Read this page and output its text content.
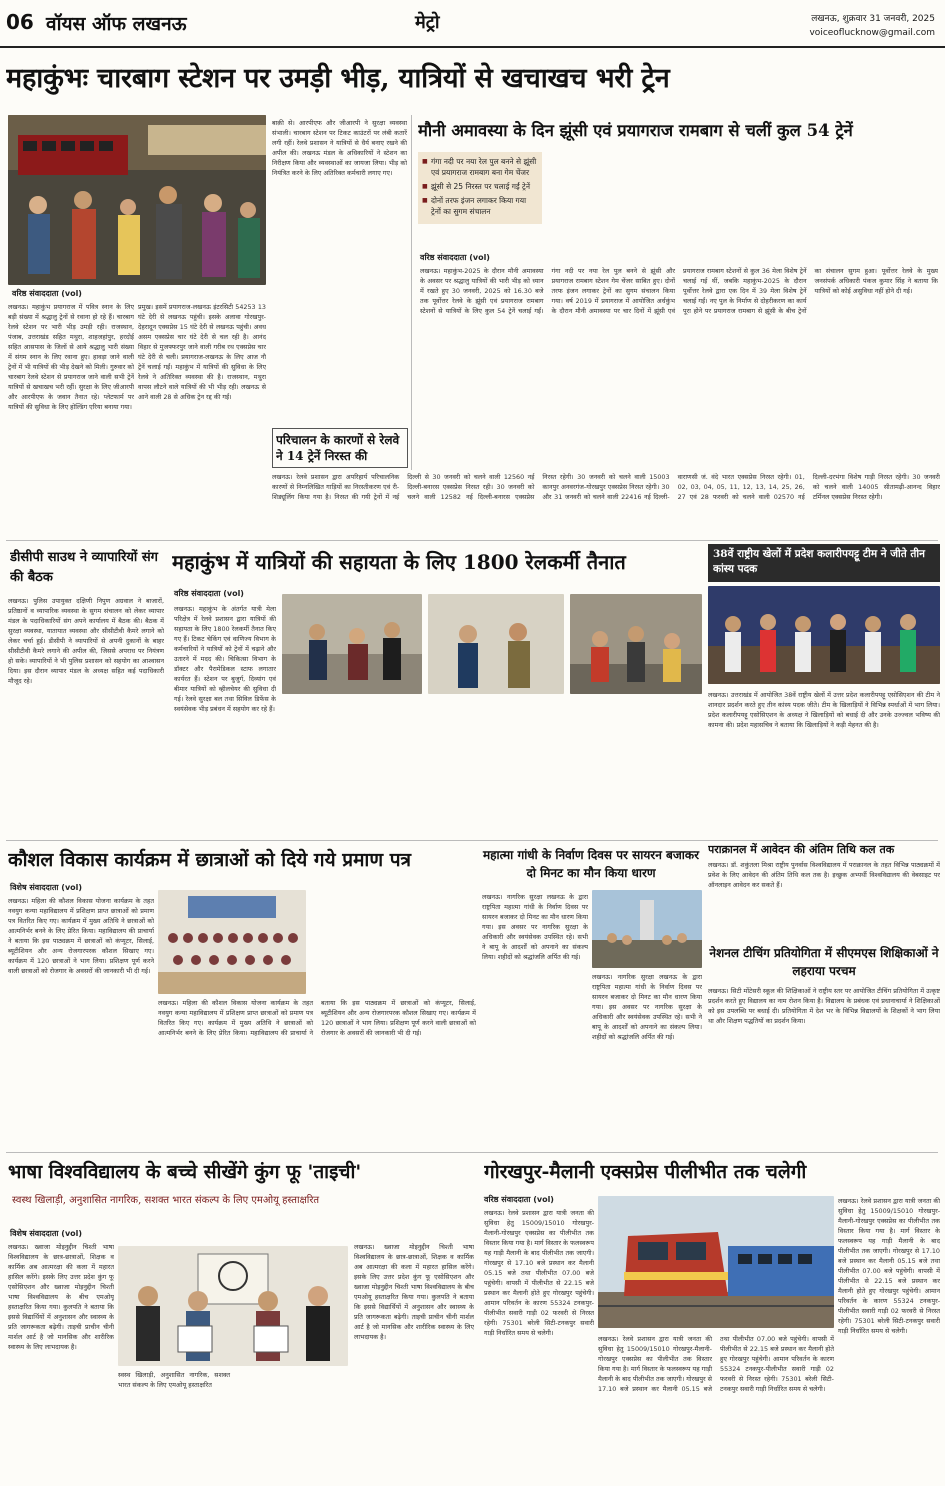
06 वॉयस ऑफ लखनऊ	मेट्रो	लखनऊ, शुक्रवार 31 जनवरी, 2025
voiceoflucknow@gmail.com
महाकुंभः चारबाग स्टेशन पर उमड़ी भीड़, यात्रियों से खचाखच भरी ट्रेन
वरिष्ठ संवाददाता (vol)
लखनऊ। महाकुंभ प्रयागराज में पवित्र स्नान के लिए बड़ी संख्या में श्रद्धालु ट्रेनों से रवाना हो रहे हैं। चारबाग रेलवे स्टेशन पर भारी भीड़ उमड़ी रही। राजस्थान, पंजाब, उत्तराखंड सहित मथुरा, शाहजहांपुर, हरदोई सहित आसपास के जिलों से आये श्रद्धालु भारी संख्या में संगम स्नान के लिए रवाना हुए। हावड़ा जाने वाली ट्रेनों में भी यात्रियों की भीड़ देखने को मिली। गुरुवार को चारबाग रेलवे स्टेशन से प्रयागराज जाने वाली सभी ट्रेनें यात्रियों से खचाखच भरी रहीं। सुरक्षा के लिए जीआरपी और आरपीएफ के जवान तैनात रहे। प्लेटफार्म पर यात्रियों की सुविधा के लिए होल्डिंग एरिया बनाया गया।
प्रमुख। इसमें प्रयागराज-लखनऊ इंटरसिटी 54253 13 घंटे देरी से लखनऊ पहुंची। इसके अलावा गोरखपुर-देहरादून एक्सप्रेस 15 घंटे देरी से लखनऊ पहुंची। अवध असम एक्सप्रेस चार घंटे देरी से चल रही है। आनंद विहार से मुजफ्फरपुर जाने वाली गरीब रथ एक्सप्रेस चार घंटे देरी से चली। प्रयागराज-लखनऊ के लिए आज नौ ट्रेनें चलाई गईं। महाकुंभ में यात्रियों की सुविधा के लिए रेलवे ने अतिरिक्त व्यवस्था की है। राजस्थान, मथुरा वापस लौटने वाले यात्रियों की भी भीड़ रही। लखनऊ से आने वाली 28 से अधिक ट्रेन रद्द की गईं।
बाक़ी से। आरपीएफ और जीआरपी ने सुरक्षा व्यवस्था संभाली। चारबाग स्टेशन पर टिकट काउंटरों पर लंबी कतारें लगी रहीं। रेलवे प्रशासन ने यात्रियों से धैर्य बनाए रखने की अपील की। लखनऊ मंडल के अधिकारियों ने स्टेशन का निरीक्षण किया और व्यवस्थाओं का जायजा लिया। भीड़ को नियंत्रित करने के लिए अतिरिक्त कर्मचारी लगाए गए।
परिचालन के कारणों से रेलवे ने 14 ट्रेनें निरस्त की
लखनऊ। रेलवे प्रशासन द्वारा अपरिहार्य परिचालनिक कारणों से निम्नलिखित गाड़ियों का निरस्तीकरण एवं री-शिड्यूलिंग किया गया है। निरस्त की गयी ट्रेनों में नई दिल्ली से 30 जनवरी को चलने वाली 12560 नई दिल्ली-बनारस एक्सप्रेस निरस्त रही। 30 जनवरी को चलने वाली 12582 नई दिल्ली-बनारस एक्सप्रेस निरस्त रहेगी। 30 जनवरी को चलने वाली 15003 कानपुर अनवरगंज-गोरखपुर एक्सप्रेस निरस्त रहेगी। 30 और 31 जनवरी को चलने वाली 22416 नई दिल्ली-वाराणसी जं. वंदे भारत एक्सप्रेस निरस्त रहेगी। 01, 02, 03, 04, 05, 11, 12, 13, 14, 25, 26, 27 एवं 28 फरवरी को चलने वाली 02570 नई दिल्ली-दरभंगा विशेष गाड़ी निरस्त रहेगी। 30 जनवरी को चलने वाली 14005 सीतामढ़ी-आनन्द विहार टर्मिनल एक्सप्रेस निरस्त रहेगी।
मौनी अमावस्या के दिन झूंसी एवं प्रयागराज रामबाग से चलीं कुल 54 ट्रेनें
■ गंगा नदी पर नया रेल पुल बनने से झूंसी एवं प्रयागराज रामबाग बना गेम चेंजर
■ झूंसी से 25 निरस्त पर चलाई गईं ट्रेनें
■ दोनों तरफ इंजन लगाकर किया गया ट्रेनों का सुगम संचालन
वरिष्ठ संवाददाता (vol)
लखनऊ। महाकुंभ-2025 के दौरान मौनी अमावस्या के अवसर पर श्रद्धालु यात्रियों की भारी भीड़ को ध्यान में रखते हुए 30 जनवरी, 2025 को 16.30 बजे तक पूर्वोत्तर रेलवे के झूंसी एवं प्रयागराज रामबाग स्टेशनों से यात्रियों के लिए कुल 54 ट्रेनें चलाई गईं। गंगा नदी पर नया रेल पुल बनने से झूंसी और प्रयागराज रामबाग स्टेशन गेम चेंजर साबित हुए। दोनों तरफ इंजन लगाकर ट्रेनों का सुगम संचालन किया गया। वर्ष 2019 में प्रयागराज में आयोजित अर्धकुंभ के दौरान मौनी अमावस्या पर चार दिनों में झूंसी एवं प्रयागराज रामबाग स्टेशनों से कुल 36 मेला विशेष ट्रेनें चलाई गई थीं, जबकि महाकुंभ-2025 के दौरान पूर्वोत्तर रेलवे द्वारा एक दिन में 39 मेला विशेष ट्रेनें चलाई गईं। नए पुल के निर्माण से दोहरीकरण का कार्य पूरा होने पर प्रयागराज रामबाग से झूंसी के बीच ट्रेनों का संचालन सुगम हुआ। पूर्वोत्तर रेलवे के मुख्य जनसंपर्क अधिकारी पंकज कुमार सिंह ने बताया कि यात्रियों को कोई असुविधा नहीं होने दी गई।
डीसीपी साउथ ने व्यापारियों संग की बैठक
लखनऊ। पुलिस उपायुक्त दक्षिणी निपुण अग्रवाल ने बाजारों, प्रतिष्ठानों व व्यापारिक व्यवस्था के सुगम संचालन को लेकर व्यापार मंडल के पदाधिकारियों संग अपने कार्यालय में बैठक की। बैठक में सुरक्षा व्यवस्था, यातायात व्यवस्था और सीसीटीवी कैमरे लगाने को लेकर चर्चा हुई। डीसीपी ने व्यापारियों से अपनी दुकानों के बाहर सीसीटीवी कैमरे लगाने की अपील की, जिससे अपराध पर नियंत्रण हो सके। व्यापारियों ने भी पुलिस प्रशासन को सहयोग का आश्वासन दिया। इस दौरान व्यापार मंडल के अध्यक्ष सहित कई पदाधिकारी मौजूद रहे।
महाकुंभ में यात्रियों की सहायता के लिए 1800 रेलकर्मी तैनात
वरिष्ठ संवाददाता (vol)
लखनऊ। महाकुंभ के अंतर्गत यात्री मेला परिक्षेत्र में रेलवे प्रशासन द्वारा यात्रियों की सहायता के लिए 1800 रेलकर्मी तैनात किए गए हैं। टिकट चेकिंग एवं वाणिज्य विभाग के कर्मचारियों ने यात्रियों को ट्रेनों में चढ़ाने और उतारने में मदद की। चिकित्सा विभाग के डॉक्टर और पैरामेडिकल स्टाफ लगातार कार्यरत हैं। स्टेशन पर बुजुर्ग, दिव्यांग एवं बीमार यात्रियों को व्हीलचेयर की सुविधा दी गई। रेलवे सुरक्षा बल तथा सिविल डिफेंस के स्वयंसेवक भीड़ प्रबंधन में सहयोग कर रहे हैं।
38वें राष्ट्रीय खेलों में प्रदेश कलारीपयट्टू टीम ने जीते तीन कांस्य पदक
लखनऊ। उत्तराखंड में आयोजित 38वें राष्ट्रीय खेलों में उत्तर प्रदेश कलारीपयट्टू एसोसिएशन की टीम ने शानदार प्रदर्शन करते हुए तीन कांस्य पदक जीते। टीम के खिलाड़ियों ने विभिन्न स्पर्धाओं में भाग लिया। प्रदेश कलारीपयट्टू एसोसिएशन के अध्यक्ष ने खिलाड़ियों को बधाई दी और उनके उज्ज्वल भविष्य की कामना की। प्रदेश महासचिव ने बताया कि खिलाड़ियों ने कड़ी मेहनत की है।
कौशल विकास कार्यक्रम में छात्राओं को दिये गये प्रमाण पत्र
विशेष संवाददाता (vol)
लखनऊ। महिला की कौशल विकास योजना कार्यक्रम के तहत नवयुग कन्या महाविद्यालय में प्रशिक्षण प्राप्त छात्राओं को प्रमाण पत्र वितरित किए गए। कार्यक्रम में मुख्य अतिथि ने छात्राओं को आत्मनिर्भर बनने के लिए प्रेरित किया। महाविद्यालय की प्राचार्या ने बताया कि इस पाठ्यक्रम में छात्राओं को कंप्यूटर, सिलाई, ब्यूटीशियन और अन्य रोजगारपरक कौशल सिखाए गए। कार्यक्रम में 120 छात्राओं ने भाग लिया। प्रशिक्षण पूर्ण करने वाली छात्राओं को रोजगार के अवसरों की जानकारी भी दी गई।
लखनऊ। महिला की कौशल विकास योजना कार्यक्रम के तहत नवयुग कन्या महाविद्यालय में प्रशिक्षण प्राप्त छात्राओं को प्रमाण पत्र वितरित किए गए। कार्यक्रम में मुख्य अतिथि ने छात्राओं को आत्मनिर्भर बनने के लिए प्रेरित किया। महाविद्यालय की प्राचार्या ने बताया कि इस पाठ्यक्रम में छात्राओं को कंप्यूटर, सिलाई, ब्यूटीशियन और अन्य रोजगारपरक कौशल सिखाए गए। कार्यक्रम में 120 छात्राओं ने भाग लिया। प्रशिक्षण पूर्ण करने वाली छात्राओं को रोजगार के अवसरों की जानकारी भी दी गई।
महात्मा गांधी के निर्वाण दिवस पर सायरन बजाकर दो मिनट का मौन किया धारण
लखनऊ। नागरिक सुरक्षा लखनऊ के द्वारा राष्ट्रपिता महात्मा गांधी के निर्वाण दिवस पर सायरन बजाकर दो मिनट का मौन धारण किया गया। इस अवसर पर नागरिक सुरक्षा के अधिकारी और स्वयंसेवक उपस्थित रहे। सभी ने बापू के आदर्शों को अपनाने का संकल्प लिया। शहीदों को श्रद्धांजलि अर्पित की गई।
लखनऊ। नागरिक सुरक्षा लखनऊ के द्वारा राष्ट्रपिता महात्मा गांधी के निर्वाण दिवस पर सायरन बजाकर दो मिनट का मौन धारण किया गया। इस अवसर पर नागरिक सुरक्षा के अधिकारी और स्वयंसेवक उपस्थित रहे। सभी ने बापू के आदर्शों को अपनाने का संकल्प लिया। शहीदों को श्रद्धांजलि अर्पित की गई।
पराक्रानल में आवेदन की अंतिम तिथि कल तक
लखनऊ। डॉ. शकुंतला मिश्रा राष्ट्रीय पुनर्वास विश्वविद्यालय में पराक्रानल के तहत विभिन्न पाठ्यक्रमों में प्रवेश के लिए आवेदन की अंतिम तिथि कल तक है। इच्छुक अभ्यर्थी विश्वविद्यालय की वेबसाइट पर ऑनलाइन आवेदन कर सकते हैं।
नेशनल टीचिंग प्रतियोगिता में सीएमएस शिक्षिकाओं ने लहराया परचम
लखनऊ। सिटी मोंटेसरी स्कूल की शिक्षिकाओं ने राष्ट्रीय स्तर पर आयोजित टीचिंग प्रतियोगिता में उत्कृष्ट प्रदर्शन करते हुए विद्यालय का नाम रोशन किया है। विद्यालय के प्रबंधक एवं प्रधानाचार्या ने शिक्षिकाओं को इस उपलब्धि पर बधाई दी। प्रतियोगिता में देश भर के विभिन्न विद्यालयों के शिक्षकों ने भाग लिया था और शिक्षण पद्धतियों का प्रदर्शन किया।
भाषा विश्वविद्यालय के बच्चे सीखेंगे कुंग फू 'ताइची'
स्वस्थ खिलाड़ी, अनुशासित नागरिक, सशक्त भारत संकल्प के लिए एमओयू हस्ताक्षरित
विशेष संवाददाता (vol)
लखनऊ। ख्वाजा मोइनुद्दीन चिश्ती भाषा विश्वविद्यालय के छात्र-छात्राओं, शिक्षक व कार्मिक अब आत्मरक्षा की कला में महारत हासिल करेंगे। इसके लिए उत्तर प्रदेश कुंग फू एसोसिएशन और ख्वाजा मोइनुद्दीन चिश्ती भाषा विश्वविद्यालय के बीच एमओयू हस्ताक्षरित किया गया। कुलपति ने बताया कि इससे विद्यार्थियों में अनुशासन और स्वास्थ्य के प्रति जागरूकता बढ़ेगी। ताइची प्राचीन चीनी मार्शल आर्ट है जो मानसिक और शारीरिक स्वास्थ्य के लिए लाभदायक है।
स्वस्थ खिलाड़ी, अनुशासित नागरिक, सशक्त भारत संकल्प के लिए एमओयू हस्ताक्षरित
लखनऊ। ख्वाजा मोइनुद्दीन चिश्ती भाषा विश्वविद्यालय के छात्र-छात्राओं, शिक्षक व कार्मिक अब आत्मरक्षा की कला में महारत हासिल करेंगे। इसके लिए उत्तर प्रदेश कुंग फू एसोसिएशन और ख्वाजा मोइनुद्दीन चिश्ती भाषा विश्वविद्यालय के बीच एमओयू हस्ताक्षरित किया गया। कुलपति ने बताया कि इससे विद्यार्थियों में अनुशासन और स्वास्थ्य के प्रति जागरूकता बढ़ेगी। ताइची प्राचीन चीनी मार्शल आर्ट है जो मानसिक और शारीरिक स्वास्थ्य के लिए लाभदायक है।
गोरखपुर-मैलानी एक्सप्रेस पीलीभीत तक चलेगी
वरिष्ठ संवाददाता (vol)
लखनऊ। रेलवे प्रशासन द्वारा यात्री जनता की सुविधा हेतु 15009/15010 गोरखपुर-मैलानी-गोरखपुर एक्सप्रेस का पीलीभीत तक विस्तार किया गया है। मार्ग विस्तार के फलस्वरूप यह गाड़ी मैलानी के बाद पीलीभीत तक जाएगी। गोरखपुर से 17.10 बजे प्रस्थान कर मैलानी 05.15 बजे तथा पीलीभीत 07.00 बजे पहुंचेगी। वापसी में पीलीभीत से 22.15 बजे प्रस्थान कर मैलानी होते हुए गोरखपुर पहुंचेगी। आमान परिवर्तन के कारण 55324 टनकपुर-पीलीभीत सवारी गाड़ी 02 फरवरी से निरस्त रहेगी। 75301 बरेली सिटी-टनकपुर सवारी गाड़ी निर्धारित समय से चलेगी।
लखनऊ। रेलवे प्रशासन द्वारा यात्री जनता की सुविधा हेतु 15009/15010 गोरखपुर-मैलानी-गोरखपुर एक्सप्रेस का पीलीभीत तक विस्तार किया गया है। मार्ग विस्तार के फलस्वरूप यह गाड़ी मैलानी के बाद पीलीभीत तक जाएगी। गोरखपुर से 17.10 बजे प्रस्थान कर मैलानी 05.15 बजे तथा पीलीभीत 07.00 बजे पहुंचेगी। वापसी में पीलीभीत से 22.15 बजे प्रस्थान कर मैलानी होते हुए गोरखपुर पहुंचेगी। आमान परिवर्तन के कारण 55324 टनकपुर-पीलीभीत सवारी गाड़ी 02 फरवरी से निरस्त रहेगी। 75301 बरेली सिटी-टनकपुर सवारी गाड़ी निर्धारित समय से चलेगी।
लखनऊ। रेलवे प्रशासन द्वारा यात्री जनता की सुविधा हेतु 15009/15010 गोरखपुर-मैलानी-गोरखपुर एक्सप्रेस का पीलीभीत तक विस्तार किया गया है। मार्ग विस्तार के फलस्वरूप यह गाड़ी मैलानी के बाद पीलीभीत तक जाएगी। गोरखपुर से 17.10 बजे प्रस्थान कर मैलानी 05.15 बजे तथा पीलीभीत 07.00 बजे पहुंचेगी। वापसी में पीलीभीत से 22.15 बजे प्रस्थान कर मैलानी होते हुए गोरखपुर पहुंचेगी। आमान परिवर्तन के कारण 55324 टनकपुर-पीलीभीत सवारी गाड़ी 02 फरवरी से निरस्त रहेगी। 75301 बरेली सिटी-टनकपुर सवारी गाड़ी निर्धारित समय से चलेगी।
